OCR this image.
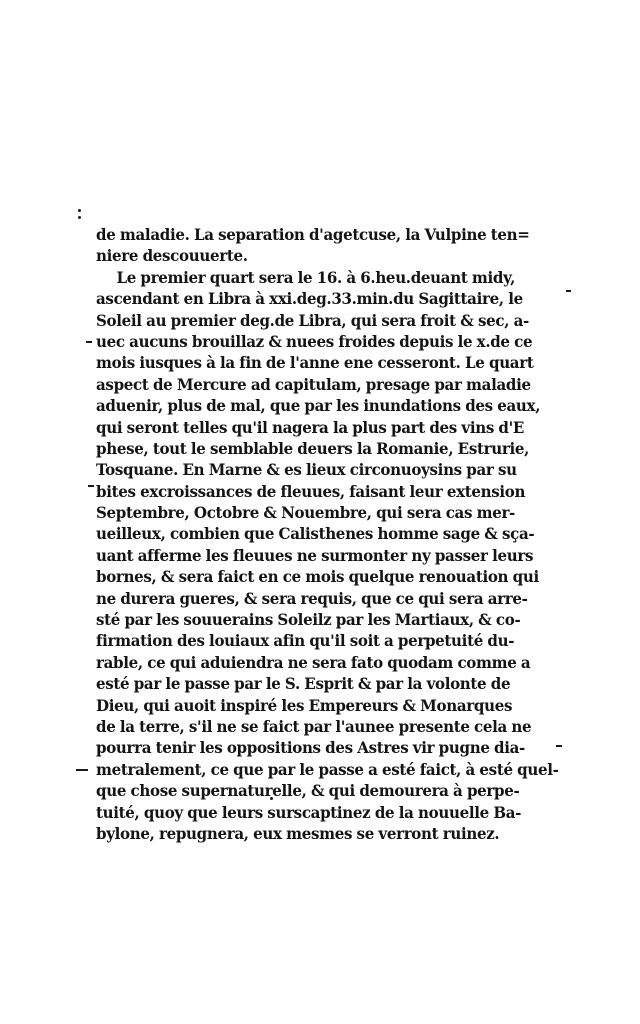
de maladie. La separation d'agetcuse, la Vulpine ten=
niere descouuerte.
Le premier quart sera le 16. à 6.heu.deuant midy,
ascendant en Libra à xxi.deg.33.min.du Sagittaire, le
Soleil au premier deg.de Libra, qui sera froit & sec, a-
uec aucuns brouillaz & nuees froides depuis le x.de ce
mois iusques à la fin de l'anne ene cesseront. Le quart
aspect de Mercure ad capitulam, presage par maladie
aduenir, plus de mal, que par les inundations des eaux,
qui seront telles qu'il nagera la plus part des vins d'E
phese, tout le semblable deuers la Romanie, Estrurie,
Tosquane. En Marne & es lieux circonuoysins par su
bites excroissances de fleuues, faisant leur extension
Septembre, Octobre & Nouembre, qui sera cas mer-
ueilleux, combien que Calisthenes homme sage & sça-
uant afferme les fleuues ne surmonter ny passer leurs
bornes, & sera faict en ce mois quelque renouation qui
ne durera gueres, & sera requis, que ce qui sera arre-
sté par les souuerains Soleilz par les Martiaux, & co-
firmation des louiaux afin qu'il soit a perpetuité du-
rable, ce qui aduiendra ne sera fato quodam comme a
esté par le passe par le S. Esprit & par la volonte de
Dieu, qui auoit inspiré les Empereurs & Monarques
de la terre, s'il ne se faict par l'aunee presente cela ne
pourra tenir les oppositions des Astres vir pugne dia-
metralement, ce que par le passe a esté faict, à esté quel-
que chose supernaturelle, & qui demourera à perpe-
tuité, quoy que leurs surscaptinez de la nouuelle Ba-
bylone, repugnera, eux mesmes se verront ruinez.
